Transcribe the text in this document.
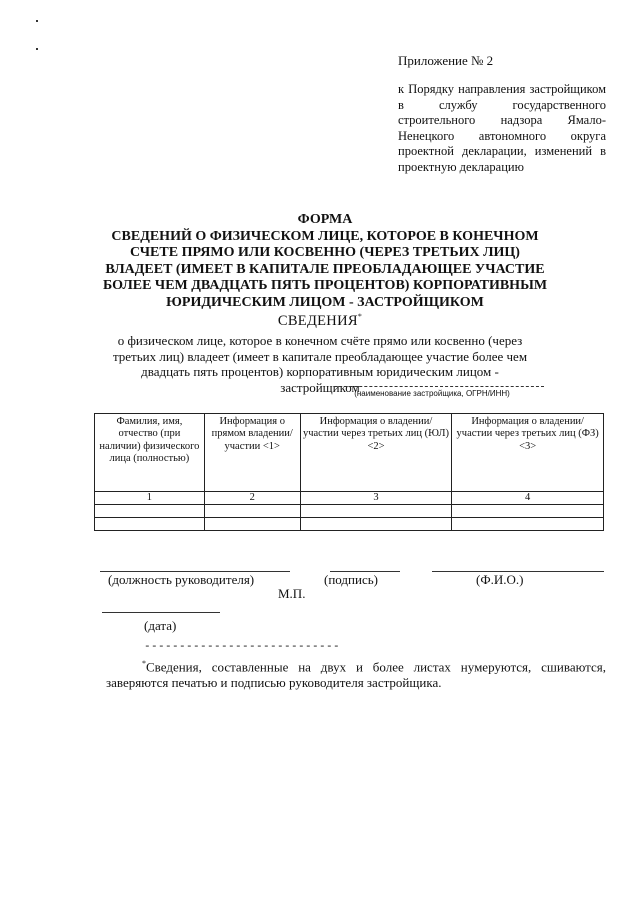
Приложение № 2
к Порядку направления застройщиком в службу государственного строительного надзора Ямало-Ненецкого автономного округа проектной декларации, изменений в проектную декларацию
ФОРМА
СВЕДЕНИЙ О ФИЗИЧЕСКОМ ЛИЦЕ, КОТОРОЕ В КОНЕЧНОМ СЧЕТЕ ПРЯМО ИЛИ КОСВЕННО (ЧЕРЕЗ ТРЕТЬИХ ЛИЦ) ВЛАДЕЕТ (ИМЕЕТ В КАПИТАЛЕ ПРЕОБЛАДАЮЩЕЕ УЧАСТИЕ БОЛЕЕ ЧЕМ ДВАДЦАТЬ ПЯТЬ ПРОЦЕНТОВ) КОРПОРАТИВНЫМ ЮРИДИЧЕСКИМ ЛИЦОМ - ЗАСТРОЙЩИКОМ
СВЕДЕНИЯ*
о физическом лице, которое в конечном счёте прямо или косвенно (через третьих лиц) владеет (имеет в капитале преобладающее участие более чем двадцать пять процентов) корпоративным юридическим лицом - застройщиком
(наименование застройщика, ОГРН/ИНН)
Фамилия, имя, отчество (при наличии) физического лица (полностью)	Информация о прямом владении/участии <1>	Информация о владении/участии через третьих лиц (ЮЛ) <2>	Информация о владении/участии через третьих лиц (ФЗ) <3>
1	2	3	4

(должность руководителя)	(подпись)	(Ф.И.О.)
М.П.
(дата)
----------------------------
*Сведения, составленные на двух и более листах нумеруются, сшиваются, заверяются печатью и подписью руководителя застройщика.
